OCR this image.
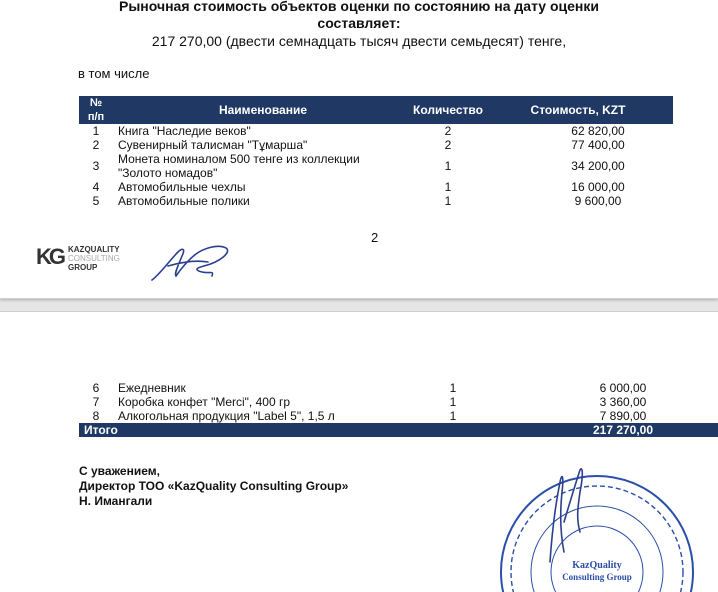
Рыночная стоимость объектов оценки по состоянию на дату оценки
составляет:
217 270,00 (двести семнадцать тысяч двести семьдесят) тенге,
в том числе
№
п/п	Наименование	Количество	Стоимость, KZT
1	Книга "Наследие веков"	2	62 820,00
2	Сувенирный талисман "Тұмарша"	2	77 400,00
3	Монета номиналом 500 тенге из коллекции "Золото номадов"	1	34 200,00
4	Автомобильные чехлы	1	16 000,00
5	Автомобильные полики	1	9 600,00
2
KG KAZQUALITY
CONSULTING
GROUP
6	Ежедневник	1	6 000,00
7	Коробка конфет "Merci", 400 гр	1	3 360,00
8	Алкогольная продукция "Label 5", 1,5 л	1	7 890,00
Итого			217 270,00
С уважением,
Директор ТОО «KazQuality Consulting Group»
Н. Имангали
KazQuality
Consulting Group
